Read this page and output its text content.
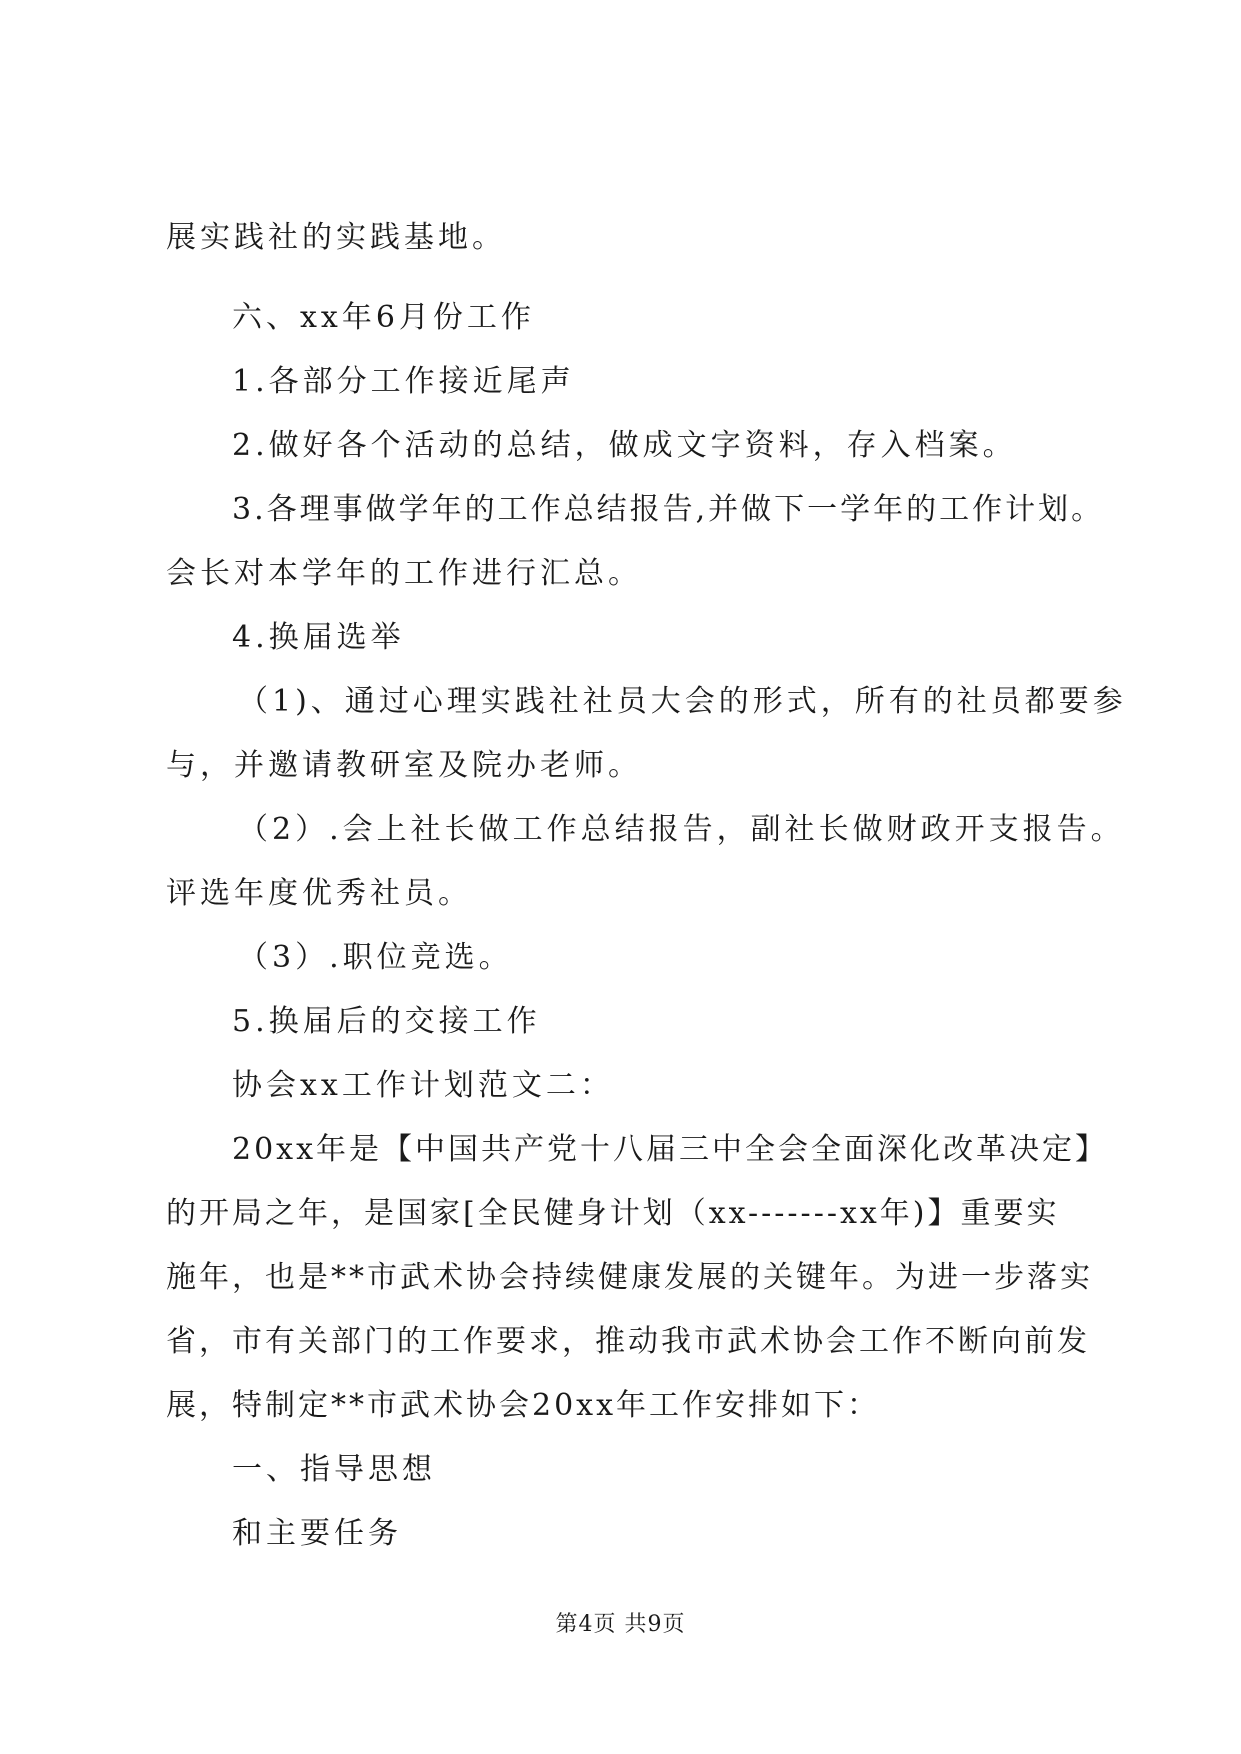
展实践社的实践基地。
六、xx年6月份工作
1.各部分工作接近尾声
2.做好各个活动的总结，做成文字资料，存入档案。
3.各理事做学年的工作总结报告,并做下一学年的工作计划。
会长对本学年的工作进行汇总。
4.换届选举
（1)、通过心理实践社社员大会的形式，所有的社员都要参
与，并邀请教研室及院办老师。
（2）.会上社长做工作总结报告，副社长做财政开支报告。
评选年度优秀社员。
（3）.职位竞选。
5.换届后的交接工作
协会xx工作计划范文二：
20xx年是【中国共产党十八届三中全会全面深化改革决定】
的开局之年，是国家[全民健身计划（xx-------xx年)】重要实
施年，也是**市武术协会持续健康发展的关键年。为进一步落实
省，市有关部门的工作要求，推动我市武术协会工作不断向前发
展，特制定**市武术协会20xx年工作安排如下：
一、指导思想
和主要任务
第4页 共9页
